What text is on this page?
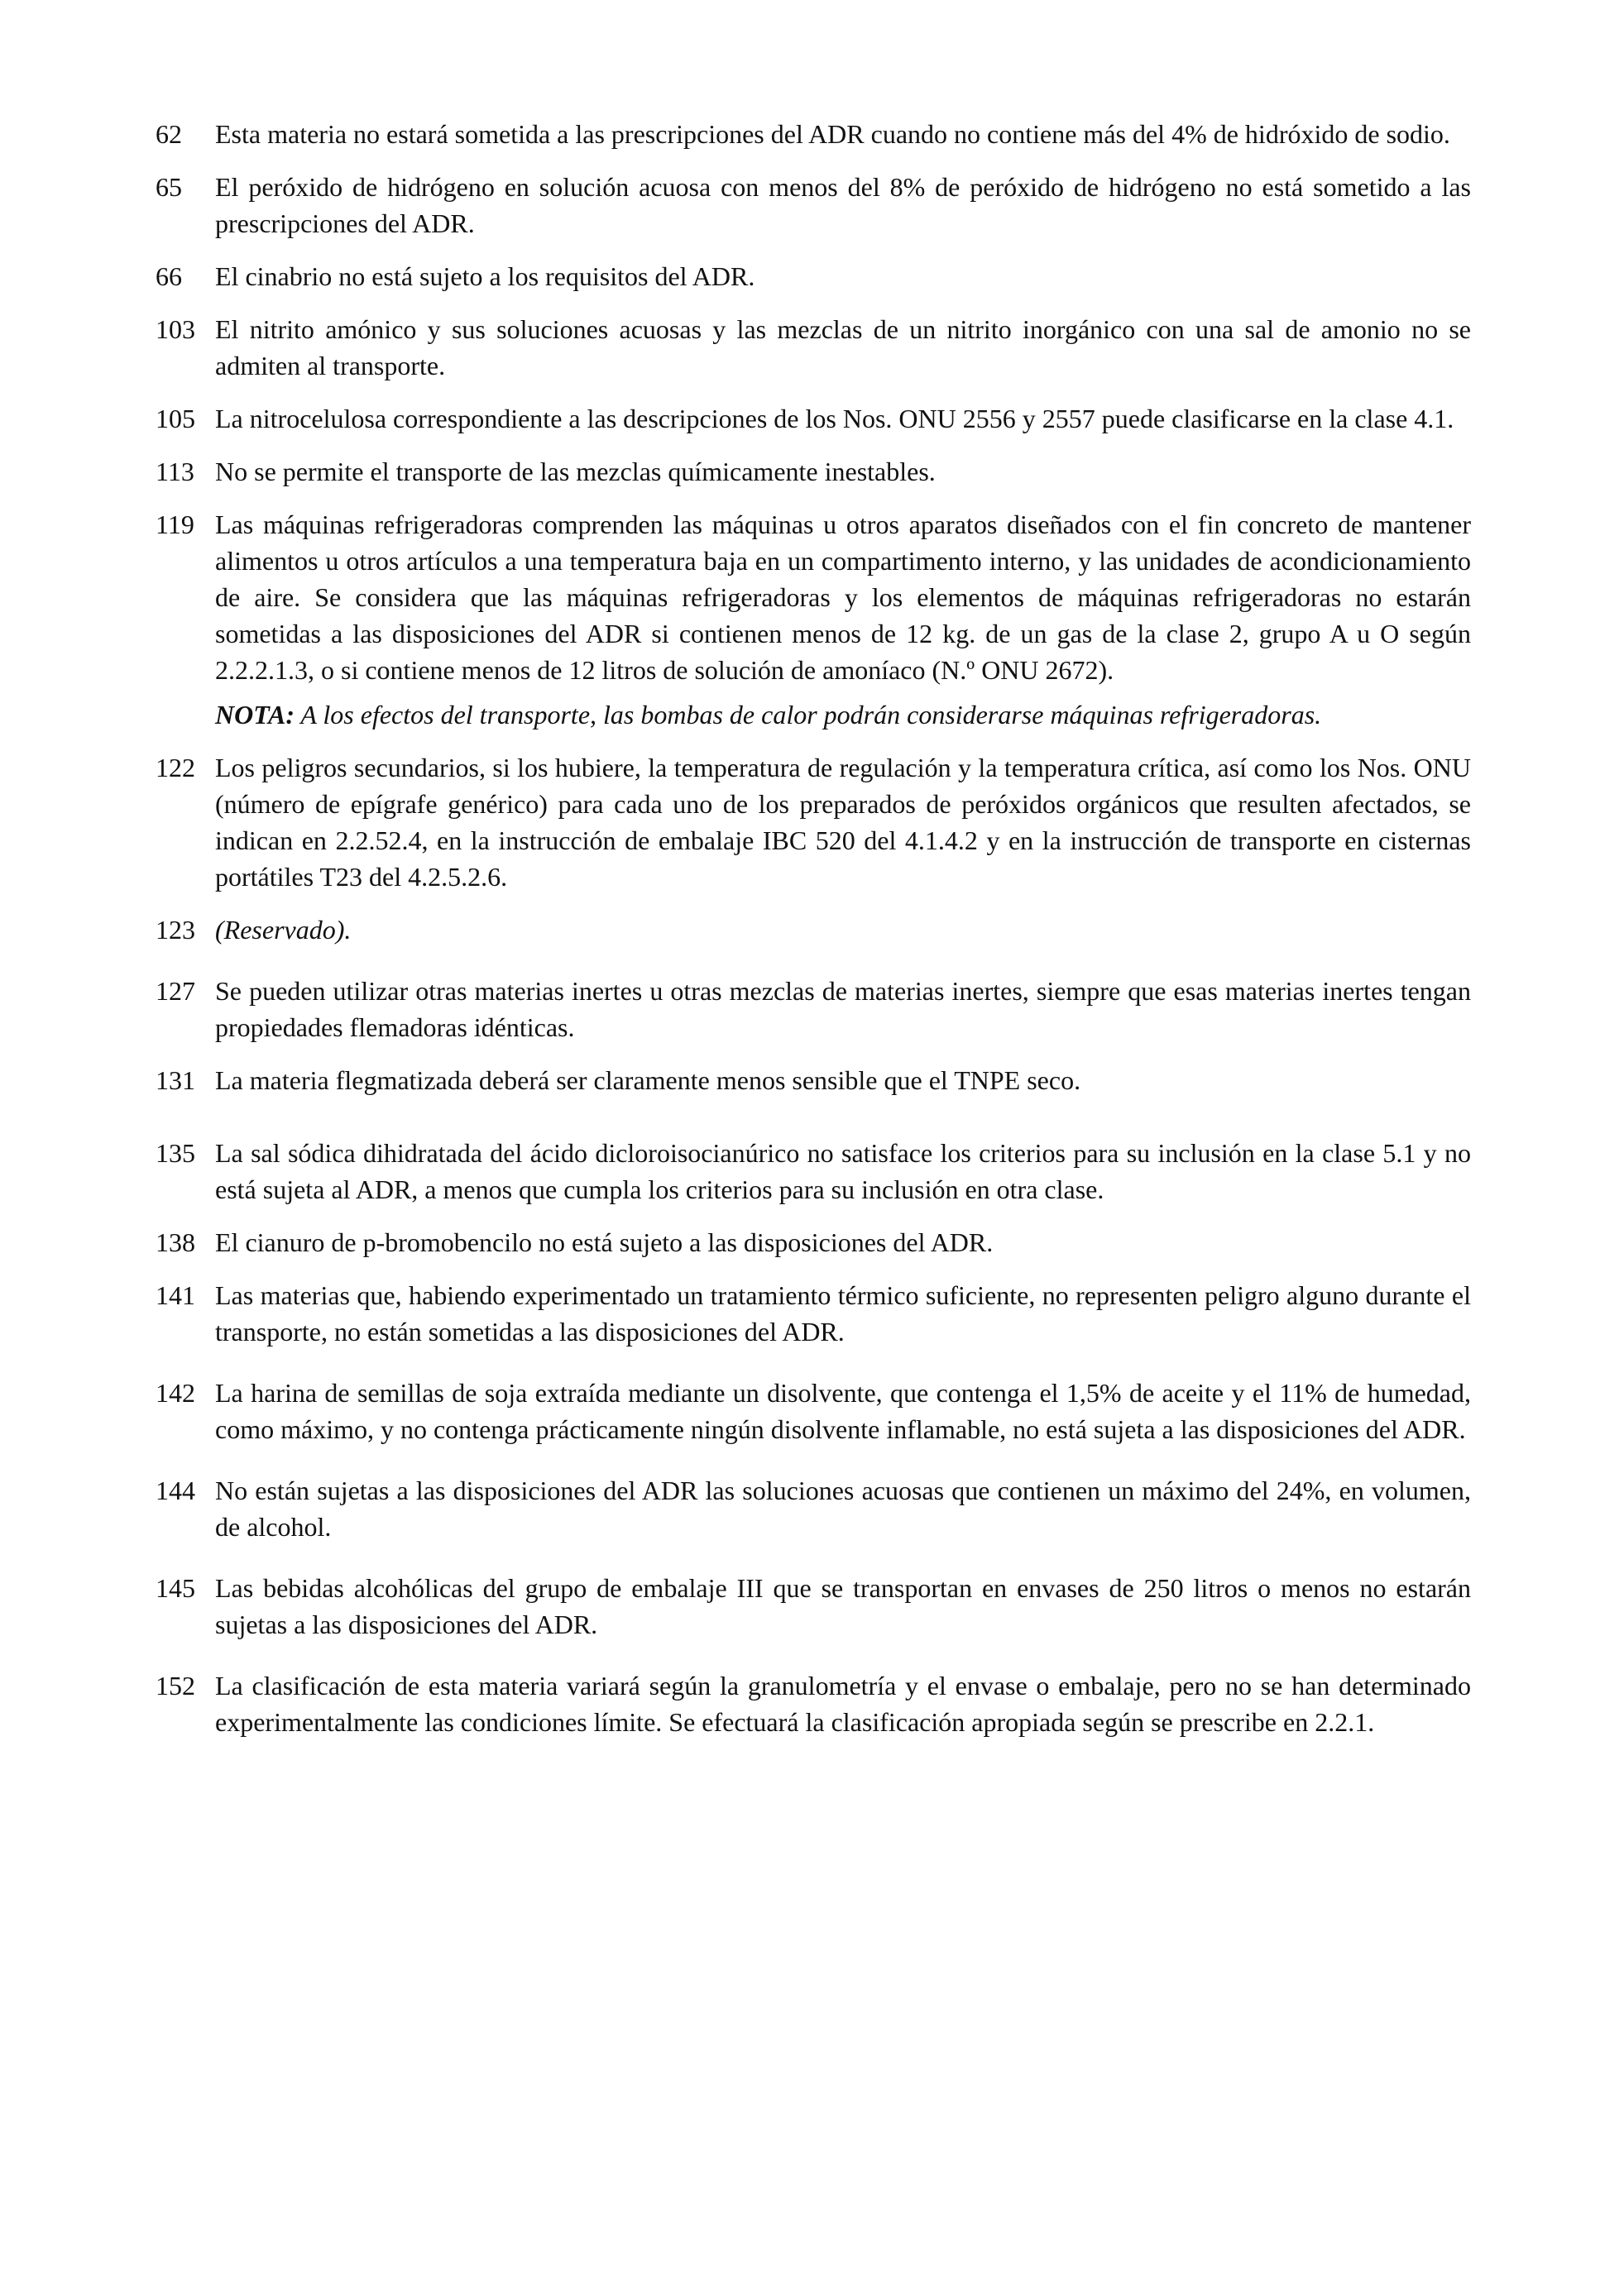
62	Esta materia no estará sometida a las prescripciones del ADR cuando no contiene más del 4% de hidróxido de sodio.
65	El peróxido de hidrógeno en solución acuosa con menos del 8% de peróxido de hidrógeno no está sometido a las prescripciones del ADR.
66	El cinabrio no está sujeto a los requisitos del ADR.
103 El nitrito amónico y sus soluciones acuosas y las mezclas de un nitrito inorgánico con una sal de amonio no se admiten al transporte.
105 La nitrocelulosa correspondiente a las descripciones de los Nos. ONU 2556 y 2557 puede clasificarse en la clase 4.1.
113 No se permite el transporte de las mezclas químicamente inestables.
119 Las máquinas refrigeradoras comprenden las máquinas u otros aparatos diseñados con el fin concreto de mantener alimentos u otros artículos a una temperatura baja en un compartimento interno, y las unidades de acondicionamiento de aire. Se considera que las máquinas refrigeradoras y los elementos de máquinas refrigeradoras no estarán sometidas a las disposiciones del ADR si contienen menos de 12 kg. de un gas de la clase 2, grupo A u O según 2.2.2.1.3, o si contiene menos de 12 litros de solución de amoníaco (N.º ONU 2672).
NOTA: A los efectos del transporte, las bombas de calor podrán considerarse máquinas refrigeradoras.
122 Los peligros secundarios, si los hubiere, la temperatura de regulación y la temperatura crítica, así como los Nos. ONU (número de epígrafe genérico) para cada uno de los preparados de peróxidos orgánicos que resulten afectados, se indican en 2.2.52.4, en la instrucción de embalaje IBC 520 del 4.1.4.2 y en la instrucción de transporte en cisternas portátiles T23 del 4.2.5.2.6.
123 (Reservado).
127 Se pueden utilizar otras materias inertes u otras mezclas de materias inertes, siempre que esas materias inertes tengan propiedades flemadoras idénticas.
131 La materia flegmatizada deberá ser claramente menos sensible que el TNPE seco.
135 La sal sódica dihidratada del ácido dicloroisocianúrico no satisface los criterios para su inclusión en la clase 5.1 y no está sujeta al ADR, a menos que cumpla los criterios para su inclusión en otra clase.
138 El cianuro de p-bromobencilo no está sujeto a las disposiciones del ADR.
141 Las materias que, habiendo experimentado un tratamiento térmico suficiente, no representen peligro alguno durante el transporte, no están sometidas a las disposiciones del ADR.
142 La harina de semillas de soja extraída mediante un disolvente, que contenga el 1,5% de aceite y el 11% de humedad, como máximo, y no contenga prácticamente ningún disolvente inflamable, no está sujeta a las disposiciones del ADR.
144 No están sujetas a las disposiciones del ADR las soluciones acuosas que contienen un máximo del 24%, en volumen, de alcohol.
145 Las bebidas alcohólicas del grupo de embalaje III que se transportan en envases de 250 litros o menos no estarán sujetas a las disposiciones del ADR.
152 La clasificación de esta materia variará según la granulometría y el envase o embalaje, pero no se han determinado experimentalmente las condiciones límite. Se efectuará la clasificación apropiada según se prescribe en 2.2.1.
